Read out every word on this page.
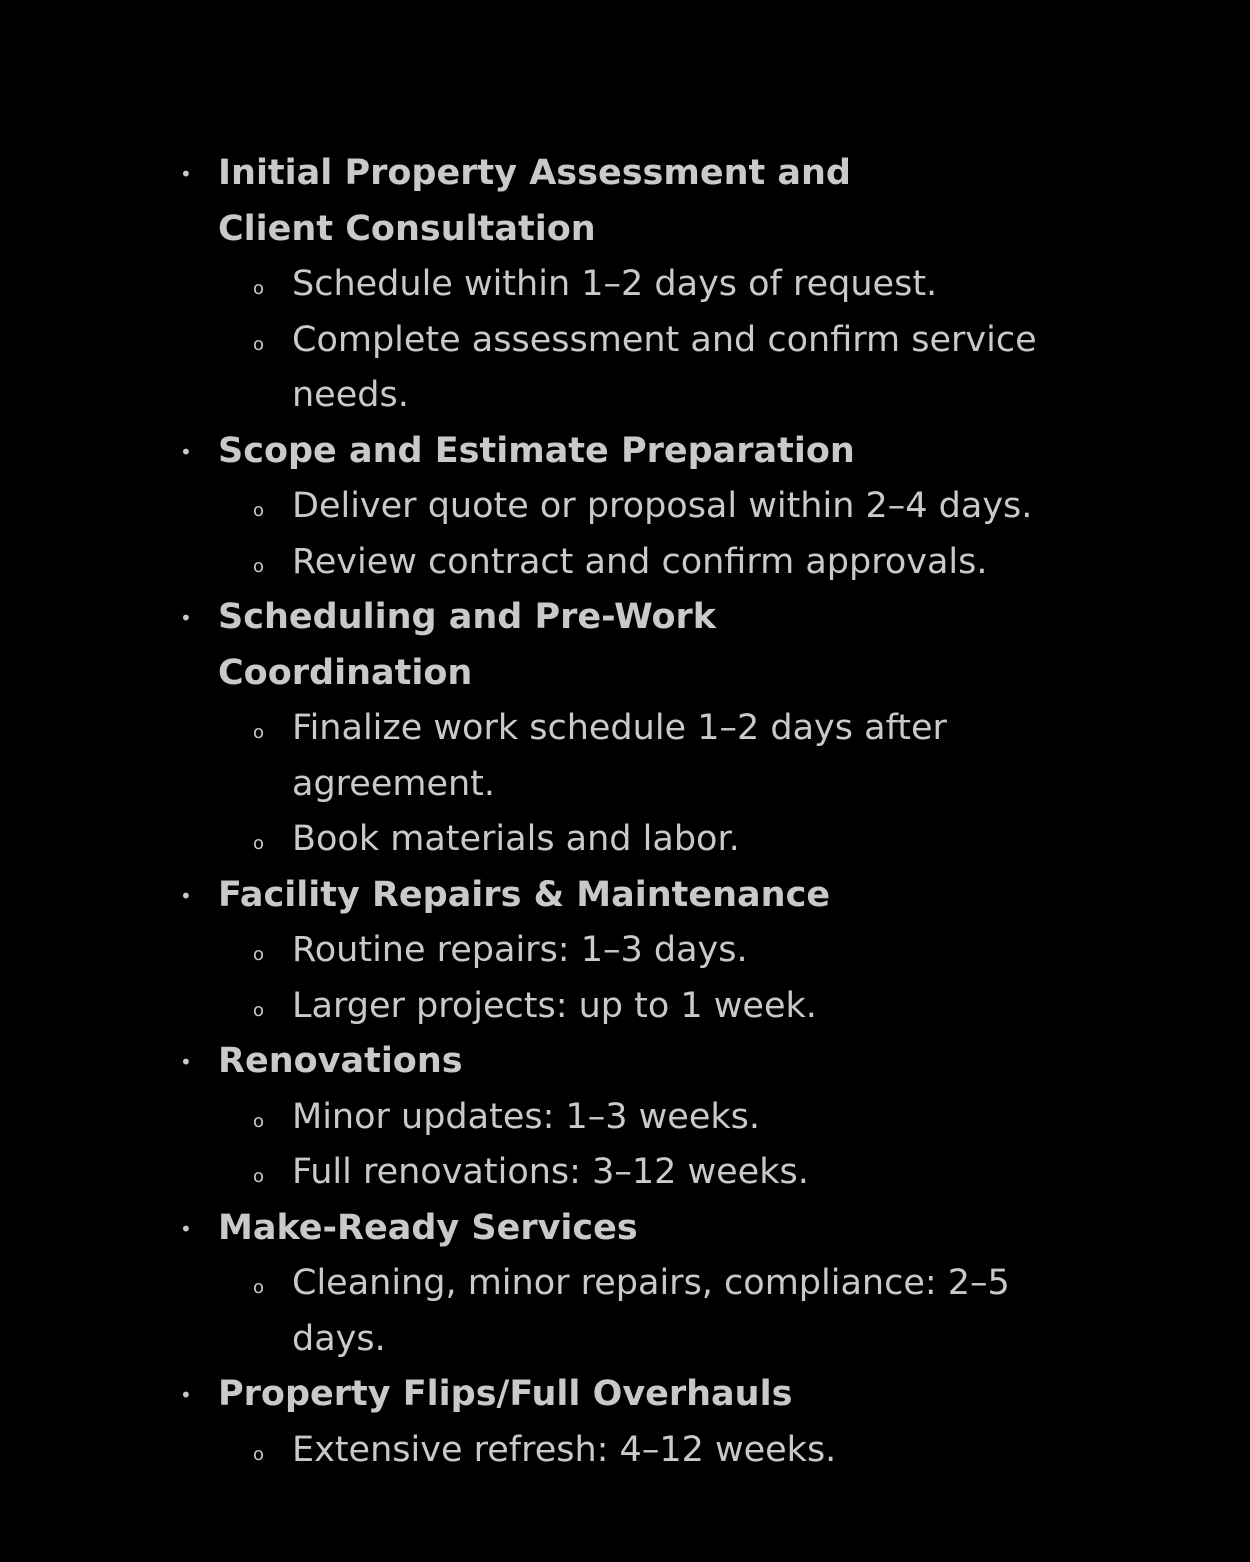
• Initial Property Assessment and Client Consultation
o Schedule within 1–2 days of request.
o Complete assessment and confirm service needs.
• Scope and Estimate Preparation
o Deliver quote or proposal within 2–4 days.
o Review contract and confirm approvals.
• Scheduling and Pre-Work Coordination
o Finalize work schedule 1–2 days after agreement.
o Book materials and labor.
• Facility Repairs & Maintenance
o Routine repairs: 1–3 days.
o Larger projects: up to 1 week.
• Renovations
o Minor updates: 1–3 weeks.
o Full renovations: 3–12 weeks.
• Make-Ready Services
o Cleaning, minor repairs, compliance: 2–5 days.
• Property Flips/Full Overhauls
o Extensive refresh: 4–12 weeks.
